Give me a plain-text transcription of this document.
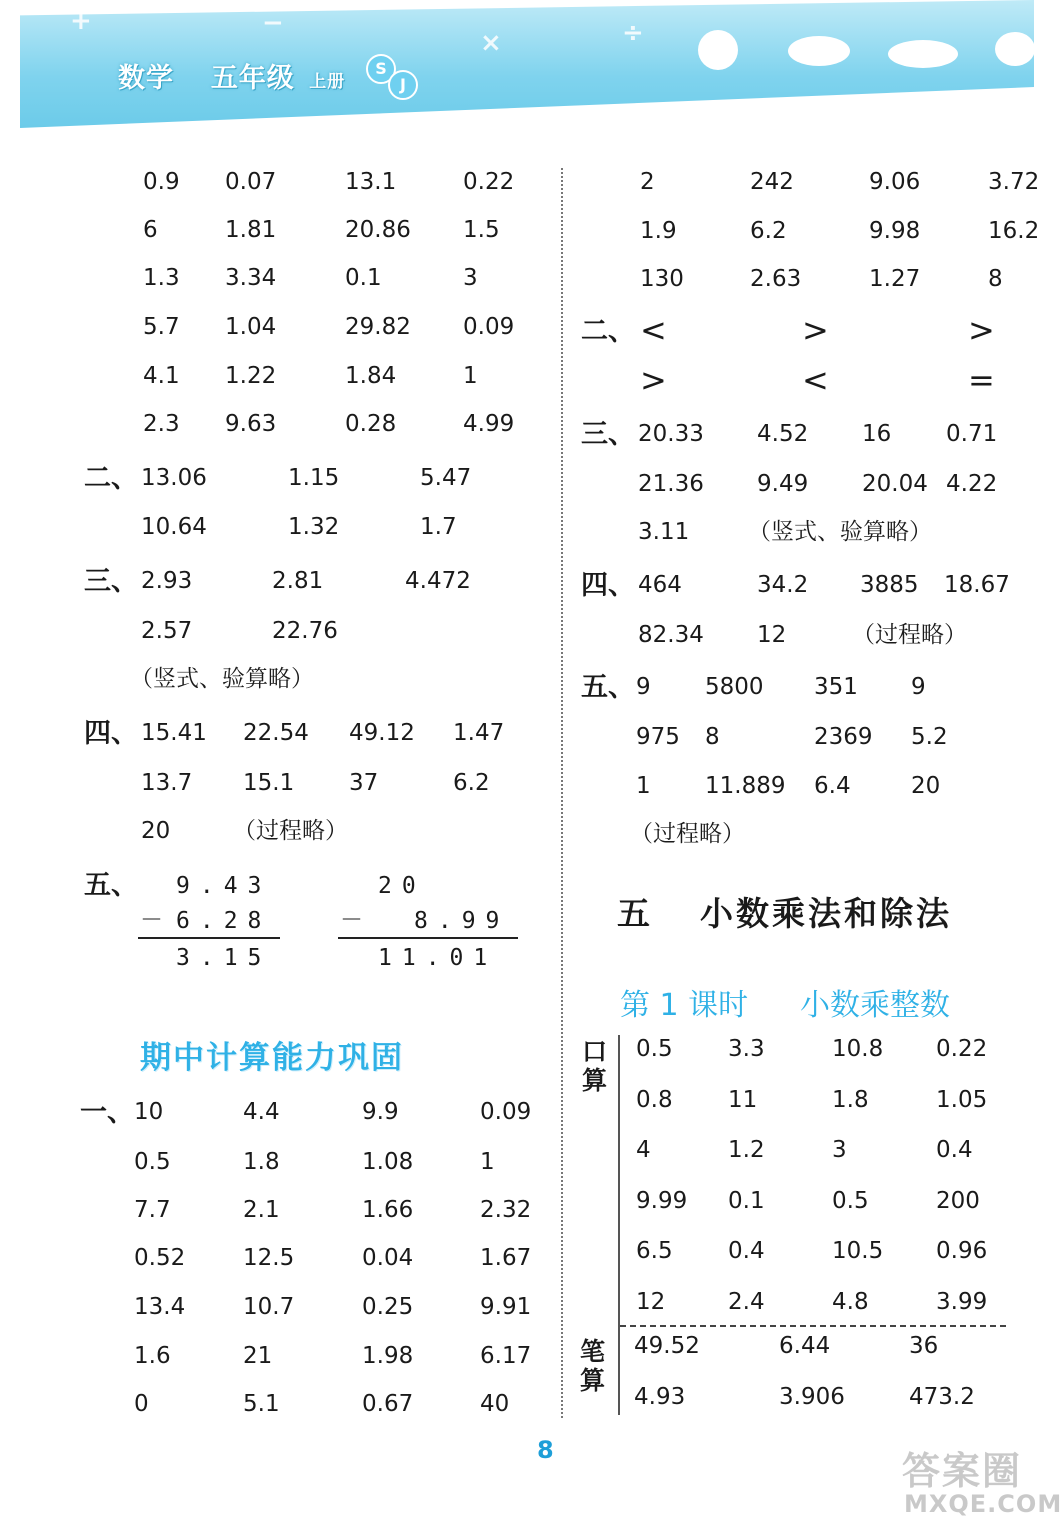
+	−
×	÷
数学 五年级 上册
S
J
0.9 0.07	13.1	0.22
6	1.81	20.86 1.5
1.3 3.34	0.1	3
5.7 1.04	29.82 0.09
4.1 1.22	1.84	1
2.3 9.63	0.28	4.99
二、 13.06	1.15	5.47
10.64	1.32	1.7
三、 2.93	2.81	4.472
2.57	22.76
（竖式、验算略）
四、 15.41 22.54 49.12 1.47
13.7 15.1 37	6.2
20	（过程略）
五、 9.43
－ 6.28
3.15
20
－ 8.99
11.01
期中计算能力巩固
一、 10	4.4	9.9	0.09
0.5	1.8	1.08	1
7.7	2.1	1.66	2.32
0.52	12.5	0.04	1.67
13.4	10.7	0.25	9.91
1.6	21	1.98	6.17
0	5.1	0.67	40
2	242	9.06	3.72
1.9	6.2	9.98	16.2
130	2.63	1.27	8
二、 <	>	>
>	<	=
三、 20.33 4.52 16 0.71
21.36 9.49 20.04 4.22
3.11	（竖式、验算略）
四、 464	34.2 3885 18.67
82.34 12	（过程略）
五、 9 5800 351 9
975 8	2369 5.2
1 11.889 6.4	20
（过程略）
五 小数乘法和除法
第 1 课时 小数乘整数
口算
0.5 3.3	10.8 0.22
0.8 11	1.8	1.05
4	1.2	3	0.4
9.99 0.1	0.5	200
6.5 0.4	10.5 0.96
12	2.4	4.8	3.99
笔算
49.52	6.44	36
4.93	3.906	473.2
8	答案圈
MXQE.COM
